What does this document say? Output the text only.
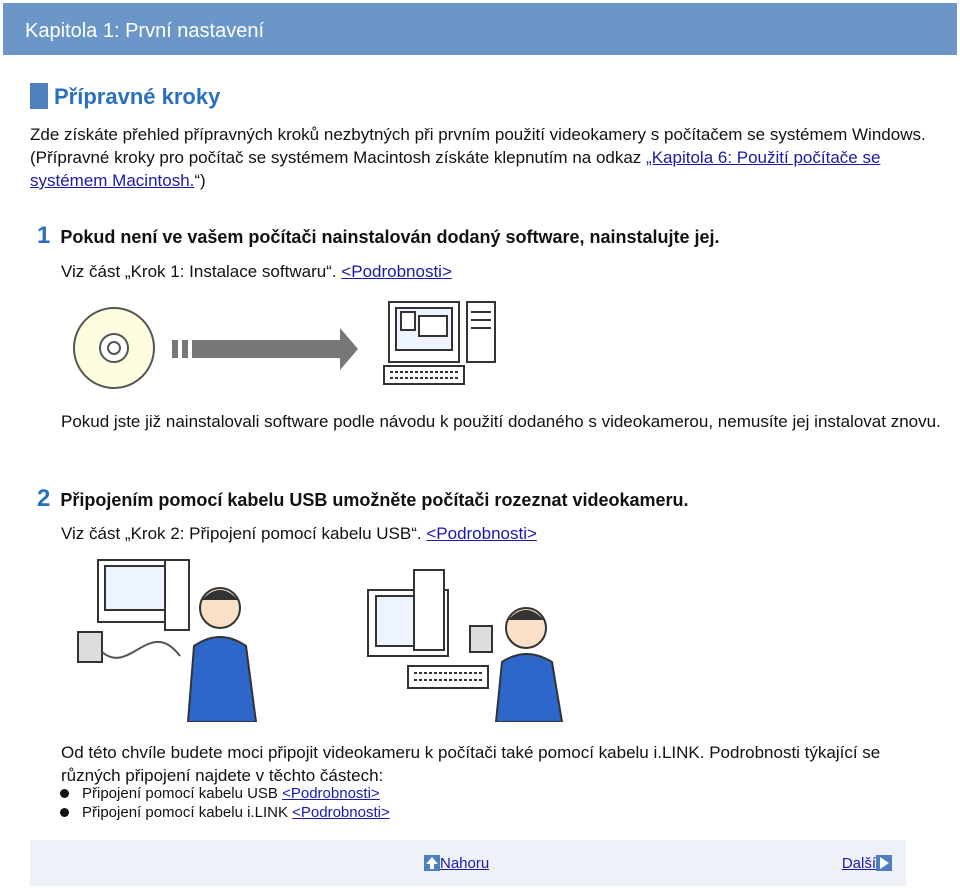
Kapitola 1: První nastavení
Přípravné kroky
Zde získáte přehled přípravných kroků nezbytných při prvním použití videokamery s počítačem se systémem Windows. (Přípravné kroky pro počítač se systémem Macintosh získáte klepnutím na odkaz „Kapitola 6: Použití počítače se systémem Macintosh.“)
1 Pokud není ve vašem počítači nainstalován dodaný software, nainstalujte jej.
Viz část „Krok 1: Instalace softwaru“. <Podrobnosti>
Pokud jste již nainstalovali software podle návodu k použití dodaného s videokamerou, nemusíte jej instalovat znovu.
2 Připojením pomocí kabelu USB umožněte počítači rozeznat videokameru.
Viz část „Krok 2: Připojení pomocí kabelu USB“. <Podrobnosti>
Od této chvíle budete moci připojit videokameru k počítači také pomocí kabelu i.LINK. Podrobnosti týkající se různých připojení najdete v těchto částech:
Připojení pomocí kabelu USB <Podrobnosti>
Připojení pomocí kabelu i.LINK <Podrobnosti>
Nahoru	Další
